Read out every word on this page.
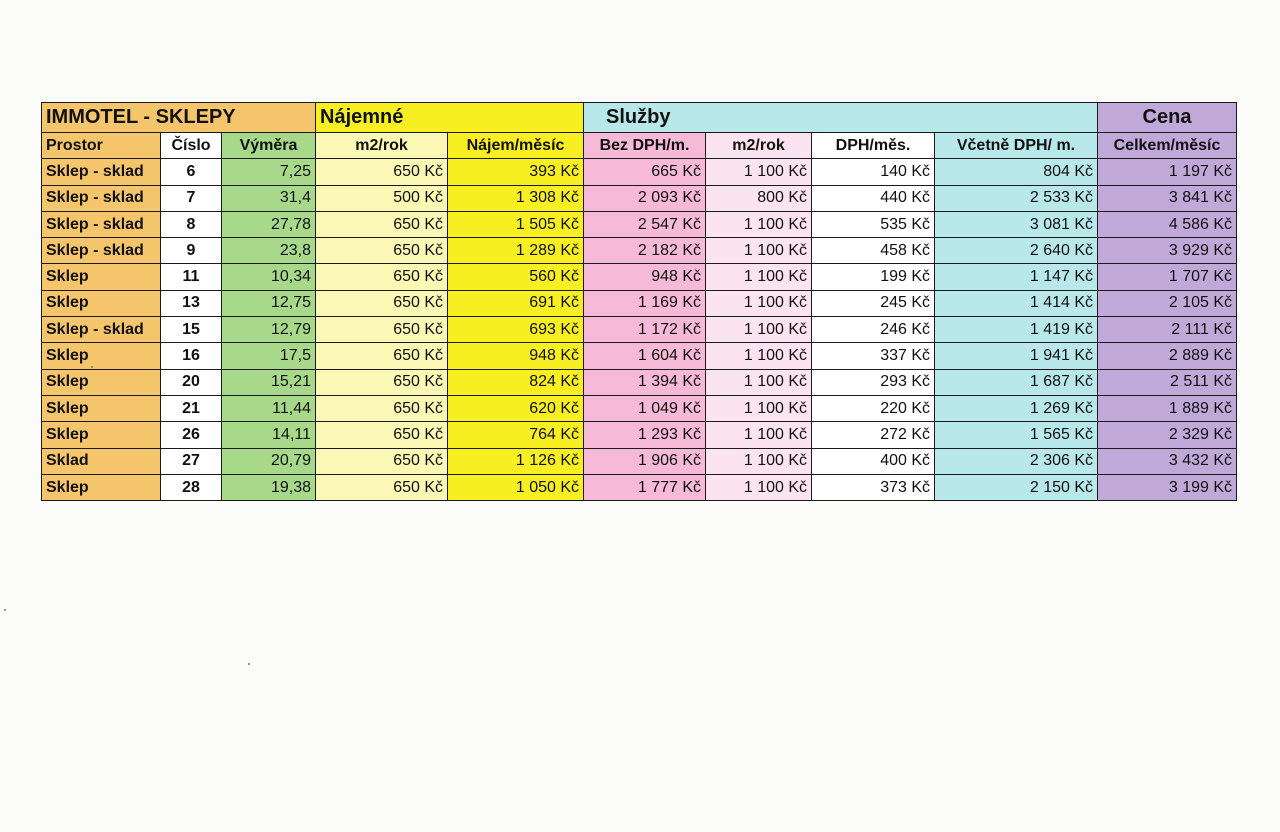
IMMOTEL - SKLEPY			Nájemné		Služby				Cena
Prostor	Číslo	Výměra	m2/rok	Nájem/měsíc	Bez DPH/m.	m2/rok	DPH/měs.	Včetně DPH/ m.	Celkem/měsíc
Sklep - sklad	6	7,25	650 Kč	393 Kč	665 Kč	1 100 Kč	140 Kč	804 Kč	1 197 Kč
Sklep - sklad	7	31,4	500 Kč	1 308 Kč	2 093 Kč	800 Kč	440 Kč	2 533 Kč	3 841 Kč
Sklep - sklad	8	27,78	650 Kč	1 505 Kč	2 547 Kč	1 100 Kč	535 Kč	3 081 Kč	4 586 Kč
Sklep - sklad	9	23,8	650 Kč	1 289 Kč	2 182 Kč	1 100 Kč	458 Kč	2 640 Kč	3 929 Kč
Sklep	11	10,34	650 Kč	560 Kč	948 Kč	1 100 Kč	199 Kč	1 147 Kč	1 707 Kč
Sklep	13	12,75	650 Kč	691 Kč	1 169 Kč	1 100 Kč	245 Kč	1 414 Kč	2 105 Kč
Sklep - sklad	15	12,79	650 Kč	693 Kč	1 172 Kč	1 100 Kč	246 Kč	1 419 Kč	2 111 Kč
Sklep	16	17,5	650 Kč	948 Kč	1 604 Kč	1 100 Kč	337 Kč	1 941 Kč	2 889 Kč
Sklep	20	15,21	650 Kč	824 Kč	1 394 Kč	1 100 Kč	293 Kč	1 687 Kč	2 511 Kč
Sklep	21	11,44	650 Kč	620 Kč	1 049 Kč	1 100 Kč	220 Kč	1 269 Kč	1 889 Kč
Sklep	26	14,11	650 Kč	764 Kč	1 293 Kč	1 100 Kč	272 Kč	1 565 Kč	2 329 Kč
Sklad	27	20,79	650 Kč	1 126 Kč	1 906 Kč	1 100 Kč	400 Kč	2 306 Kč	3 432 Kč
Sklep	28	19,38	650 Kč	1 050 Kč	1 777 Kč	1 100 Kč	373 Kč	2 150 Kč	3 199 Kč
